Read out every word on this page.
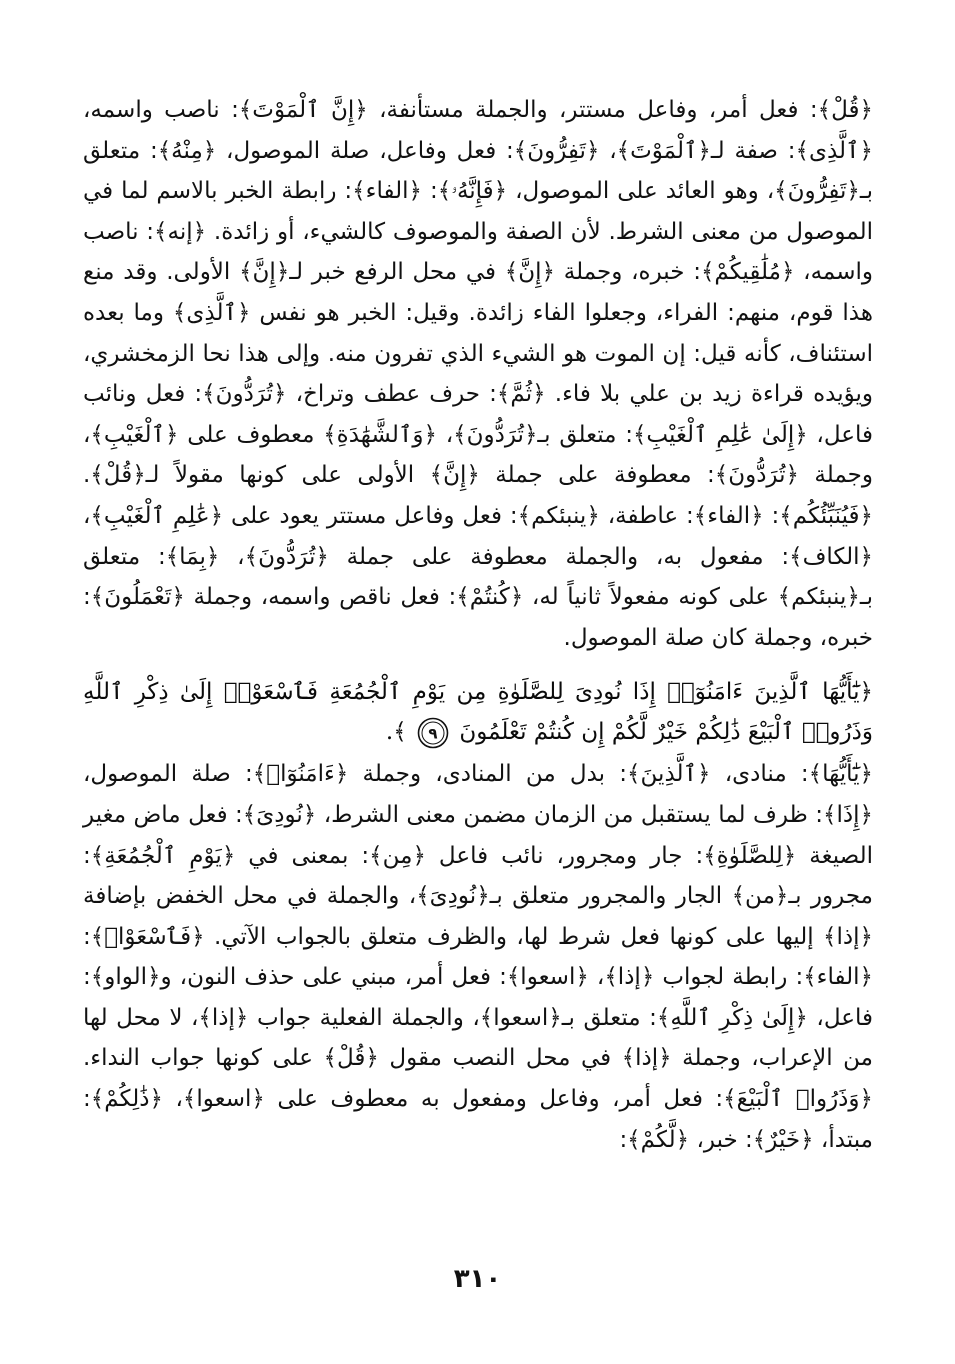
﴿قُلْ﴾: فعل أمر، وفاعل مستتر، والجملة مستأنفة، ﴿إِنَّ ٱلْمَوْتَ﴾: ناصب واسمه، ﴿ٱلَّذِى﴾: صفة لـ﴿ٱلْمَوْتَ﴾، ﴿تَفِرُّونَ﴾: فعل وفاعل، صلة الموصول، ﴿مِنْهُ﴾: متعلق بـ﴿تَفِرُّونَ﴾، وهو العائد على الموصول، ﴿فَإِنَّهُۥ﴾: ﴿الفاء﴾: رابطة الخبر بالاسم لما في الموصول من معنى الشرط. لأن الصفة والموصوف كالشيء، أو زائدة. ﴿إنه﴾: ناصب واسمه، ﴿مُلَٰقِيكُمْ﴾: خبره، وجملة ﴿إِنَّ﴾ في محل الرفع خبر لـ﴿إِنَّ﴾ الأولى. وقد منع هذا قوم، منهم: الفراء، وجعلوا الفاء زائدة. وقيل: الخبر هو نفس ﴿ٱلَّذِى﴾ وما بعده استئناف، كأنه قيل: إن الموت هو الشيء الذي تفرون منه. وإلى هذا نحا الزمخشري، ويؤيده قراءة زيد بن علي بلا فاء. ﴿ثُمَّ﴾: حرف عطف وتراخ، ﴿تُرَدُّونَ﴾: فعل ونائب فاعل، ﴿إِلَىٰ عَٰلِمِ ٱلْغَيْبِ﴾: متعلق بـ﴿تُرَدُّونَ﴾، ﴿وَٱلشَّهَٰدَةِ﴾ معطوف على ﴿ٱلْغَيْبِ﴾، وجملة ﴿تُرَدُّونَ﴾: معطوفة على جملة ﴿إِنَّ﴾ الأولى على كونها مقولاً لـ﴿قُلْ﴾. ﴿فَيُنَبِّئُكُم﴾: ﴿الفاء﴾: عاطفة، ﴿ينبئكم﴾: فعل وفاعل مستتر يعود على ﴿عَٰلِمِ ٱلْغَيْبِ﴾، ﴿الكاف﴾: مفعول به، والجملة معطوفة على جملة ﴿تُرَدُّونَ﴾، ﴿بِمَا﴾: متعلق بـ﴿ينبئكم﴾ على كونه مفعولاً ثانياً له، ﴿كُنتُمْ﴾: فعل ناقص واسمه، وجملة ﴿تَعْمَلُونَ﴾: خبره، وجملة كان صلة الموصول.

﴿يَٰٓأَيُّهَا ٱلَّذِينَ ءَامَنُوٓا۟ إِذَا نُودِىَ لِلصَّلَوٰةِ مِن يَوْمِ ٱلْجُمُعَةِ فَٱسْعَوْا۟ إِلَىٰ ذِكْرِ ٱللَّهِ وَذَرُوا۟ ٱلْبَيْعَ ذَٰلِكُمْ خَيْرٌ لَّكُمْ إِن كُنتُمْ تَعْلَمُونَ
٩
﴾.

﴿يَٰٓأَيُّهَا﴾: منادى، ﴿ٱلَّذِينَ﴾: بدل من المنادى، وجملة ﴿ءَامَنُوٓا۟﴾: صلة الموصول، ﴿إِذَا﴾: ظرف لما يستقبل من الزمان مضمن معنى الشرط، ﴿نُودِىَ﴾: فعل ماض مغير الصيغة ﴿لِلصَّلَوٰةِ﴾: جار ومجرور، نائب فاعل ﴿مِن﴾: بمعنى في ﴿يَوْمِ ٱلْجُمُعَةِ﴾: مجرور بـ﴿من﴾ الجار والمجرور متعلق بـ﴿نُودِىَ﴾، والجملة في محل الخفض بإضافة ﴿إذا﴾ إليها على كونها فعل شرط لها، والظرف متعلق بالجواب الآتي. ﴿فَٱسْعَوْا۟﴾: ﴿الفاء﴾: رابطة لجواب ﴿إذا﴾، ﴿اسعوا﴾: فعل أمر، مبني على حذف النون، و﴿الواو﴾: فاعل، ﴿إِلَىٰ ذِكْرِ ٱللَّهِ﴾: متعلق بـ﴿اسعوا﴾، والجملة الفعلية جواب ﴿إذا﴾، لا محل لها من الإعراب، وجملة ﴿إذا﴾ في محل النصب مقول ﴿قُلْ﴾ على كونها جواب النداء. ﴿وَذَرُوا۟ ٱلْبَيْعَ﴾: فعل أمر، وفاعل ومفعول به معطوف على ﴿اسعوا﴾، ﴿ذَٰلِكُمْ﴾: مبتدأ، ﴿خَيْرٌ﴾: خبر، ﴿لَّكُمْ﴾:

٣١٠
